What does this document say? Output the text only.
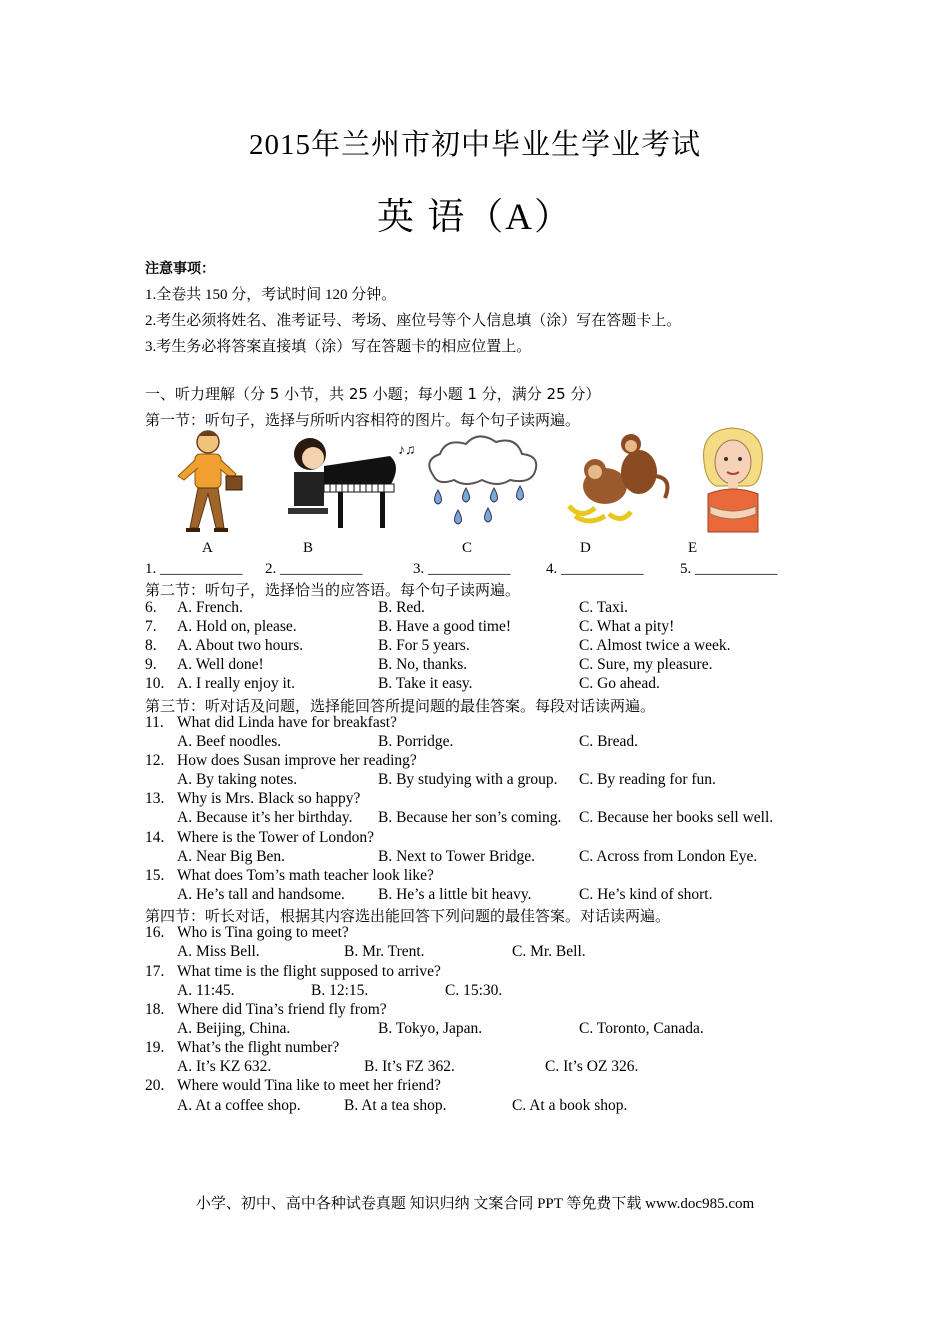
2015年兰州市初中毕业生学业考试
英 语（A）
注意事项：
1.全卷共 150 分，考试时间 120 分钟。
2.考生必须将姓名、准考证号、考场、座位号等个人信息填（涂）写在答题卡上。
3.考生务必将答案直接填（涂）写在答题卡的相应位置上。
一、听力理解（分 5 小节，共 25 小题；每小题 1 分，满分 25 分）
第一节：听句子，选择与所听内容相符的图片。每个句子读两遍。
♪♫
A	B	C	D	E
1. ___________ 2. ___________	3. ___________ 4. ___________ 5. ___________
第二节：听句子，选择恰当的应答语。每个句子读两遍。
6. A. French.	B. Red.	C. Taxi.
7. A. Hold on, please.	B. Have a good time!	C. What a pity!
8. A. About two hours.	B. For 5 years.	C. Almost twice a week.
9. A. Well done!	B. No, thanks.	C. Sure, my pleasure.
10. A. I really enjoy it.	B. Take it easy.	C. Go ahead.
第三节：听对话及问题，选择能回答所提问题的最佳答案。每段对话读两遍。
11. What did Linda have for breakfast?
A. Beef noodles.	B. Porridge.	C. Bread.
12. How does Susan improve her reading?
A. By taking notes.	B. By studying with a group. C. By reading for fun.
13. Why is Mrs. Black so happy?
A. Because it’s her birthday. B. Because her son’s coming. C. Because her books sell well.
14. Where is the Tower of London?
A. Near Big Ben.	B. Next to Tower Bridge.	C. Across from London Eye.
15. What does Tom’s math teacher look like?
A. He’s tall and handsome. B. He’s a little bit heavy.	C. He’s kind of short.
第四节：听长对话，根据其内容选出能回答下列问题的最佳答案。对话读两遍。
16. Who is Tina going to meet?
A. Miss Bell.	B. Mr. Trent.	C. Mr. Bell.
17. What time is the flight supposed to arrive?
A. 11:45.	B. 12:15.	C. 15:30.
18. Where did Tina’s friend fly from?
A. Beijing, China.	B. Tokyo, Japan.	C. Toronto, Canada.
19. What’s the flight number?
A. It’s KZ 632.	B. It’s FZ 362.	C. It’s OZ 326.
20. Where would Tina like to meet her friend?
A. At a coffee shop.	B. At a tea shop.	C. At a book shop.
小学、初中、高中各种试卷真题 知识归纳 文案合同 PPT 等免费下载 www.doc985.com
